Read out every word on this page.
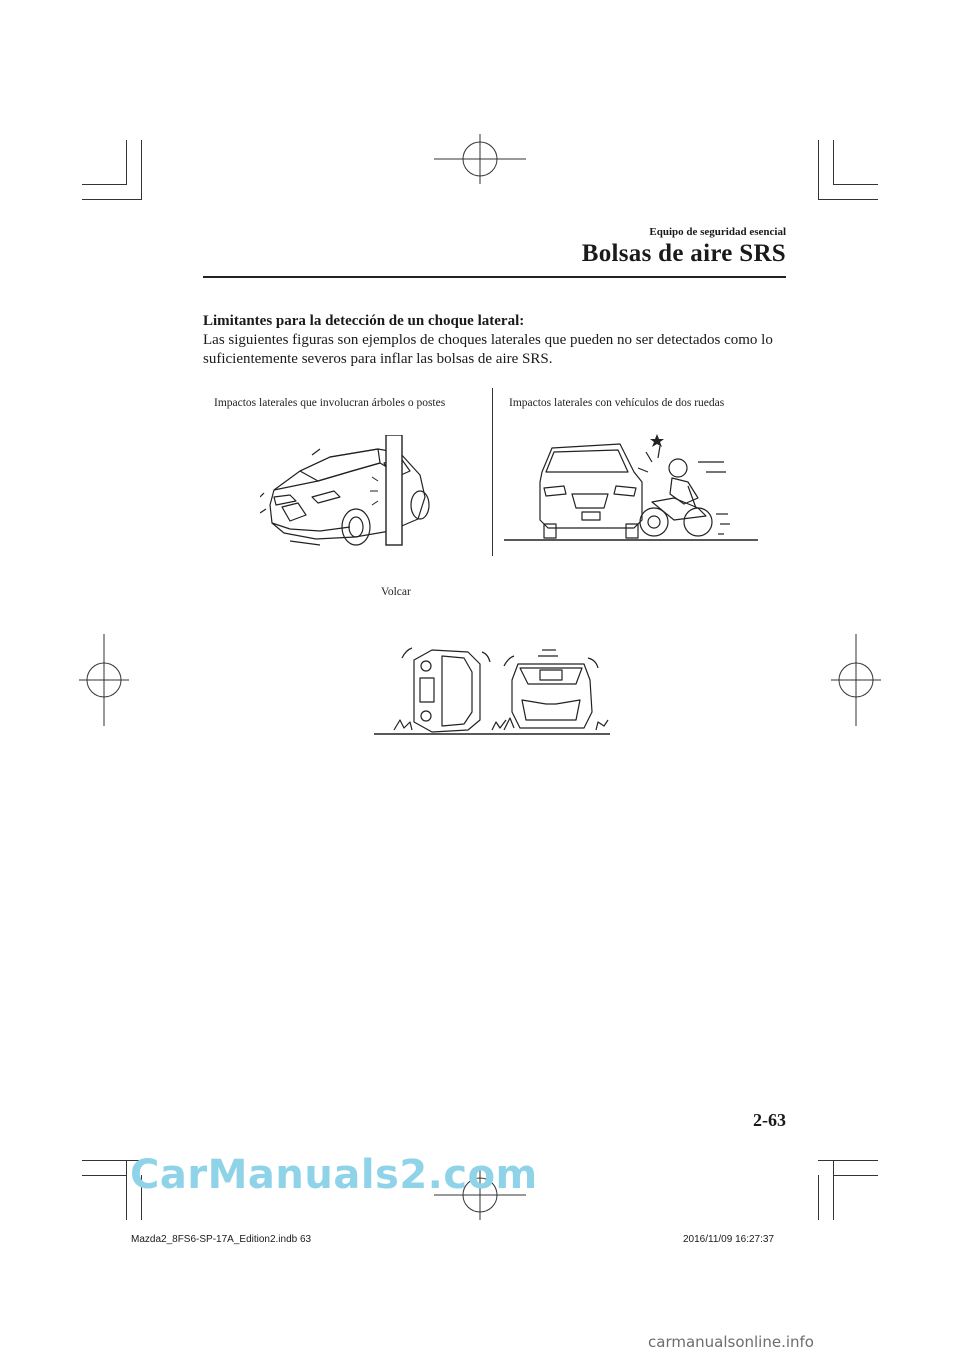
Equipo de seguridad esencial
Bolsas de aire SRS
Limitantes para la detección de un choque lateral:
Las siguientes figuras son ejemplos de choques laterales que pueden no ser detectados como lo suficientemente severos para inflar las bolsas de aire SRS.
Impactos laterales que involucran árboles o postes	Impactos laterales con vehículos de dos ruedas
Volcar
2-63
CarManuals2.com
Mazda2_8FS6-SP-17A_Edition2.indb 63	2016/11/09 16:27:37
carmanualsonline.info
